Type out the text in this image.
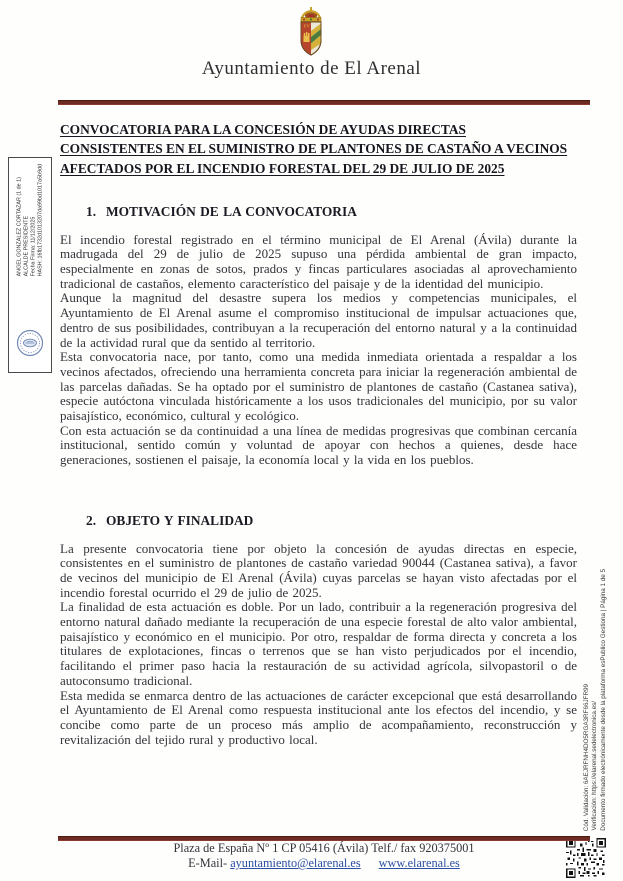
FV
Ayuntamiento de El Arenal
CONVOCATORIA PARA LA CONCESIÓN DE AYUDAS DIRECTAS
CONSISTENTES EN EL SUMINISTRO DE PLANTONES DE CASTAÑO A VECINOS
AFECTADOS POR EL INCENDIO FORESTAL DEL 29 DE JULIO DE 2025
1. MOTIVACIÓN DE LA CONVOCATORIA

El incendio forestal registrado en el término municipal de El Arenal (Ávila) durante la madrugada del 29 de julio de 2025 supuso una pérdida ambiental de gran impacto, especialmente en zonas de sotos, prados y fincas particulares asociadas al aprovechamiento tradicional de castaños, elemento característico del paisaje y de la identidad del municipio.

Aunque la magnitud del desastre supera los medios y competencias municipales, el Ayuntamiento de El Arenal asume el compromiso institucional de impulsar actuaciones que, dentro de sus posibilidades, contribuyan a la recuperación del entorno natural y a la continuidad de la actividad rural que da sentido al territorio.

Esta convocatoria nace, por tanto, como una medida inmediata orientada a respaldar a los vecinos afectados, ofreciendo una herramienta concreta para iniciar la regeneración ambiental de las parcelas dañadas. Se ha optado por el suministro de plantones de castaño (Castanea sativa), especie autóctona vinculada históricamente a los usos tradicionales del municipio, por su valor paisajístico, económico, cultural y ecológico.

Con esta actuación se da continuidad a una línea de medidas progresivas que combinan cercanía institucional, sentido común y voluntad de apoyar con hechos a quienes, desde hace generaciones, sostienen el paisaje, la economía local y la vida en los pueblos.

2. OBJETO Y FINALIDAD

La presente convocatoria tiene por objeto la concesión de ayudas directas en especie, consistentes en el suministro de plantones de castaño variedad 90044 (Castanea sativa), a favor de vecinos del municipio de El Arenal (Ávila) cuyas parcelas se hayan visto afectadas por el incendio forestal ocurrido el 29 de julio de 2025.

La finalidad de esta actuación es doble. Por un lado, contribuir a la regeneración progresiva del entorno natural dañado mediante la recuperación de una especie forestal de alto valor ambiental, paisajístico y económico en el municipio. Por otro, respaldar de forma directa y concreta a los titulares de explotaciones, fincas o terrenos que se han visto perjudicados por el incendio, facilitando el primer paso hacia la restauración de su actividad agrícola, silvopastoril o de autoconsumo tradicional.

Esta medida se enmarca dentro de las actuaciones de carácter excepcional que está desarrollando el Ayuntamiento de El Arenal como respuesta institucional ante los efectos del incendio, y se concibe como parte de un proceso más amplio de acompañamiento, reconstrucción y revitalización del tejido rural y productivo local.

ANGEL GONZALEZ CORTAZAR (1 de 1) ALCALDE PRESIDENTE Fecha Firma: 11/12/2025 HASH: 16fb1732d1013207da99bd1017a5b9dd
Cód. Validación: 6AEJRFNH4DO5RGA3RF66JFR99 Verificación: https://elarenal.sedelectronica.es/ Documento firmado electrónicamente desde la plataforma esPublico Gestiona | Página 1 de 5
Plaza de España Nº 1 CP 05416 (Ávila) Telf./ fax 920375001
E-Mail- ayuntamiento@elarenal.es www.elarenal.es
